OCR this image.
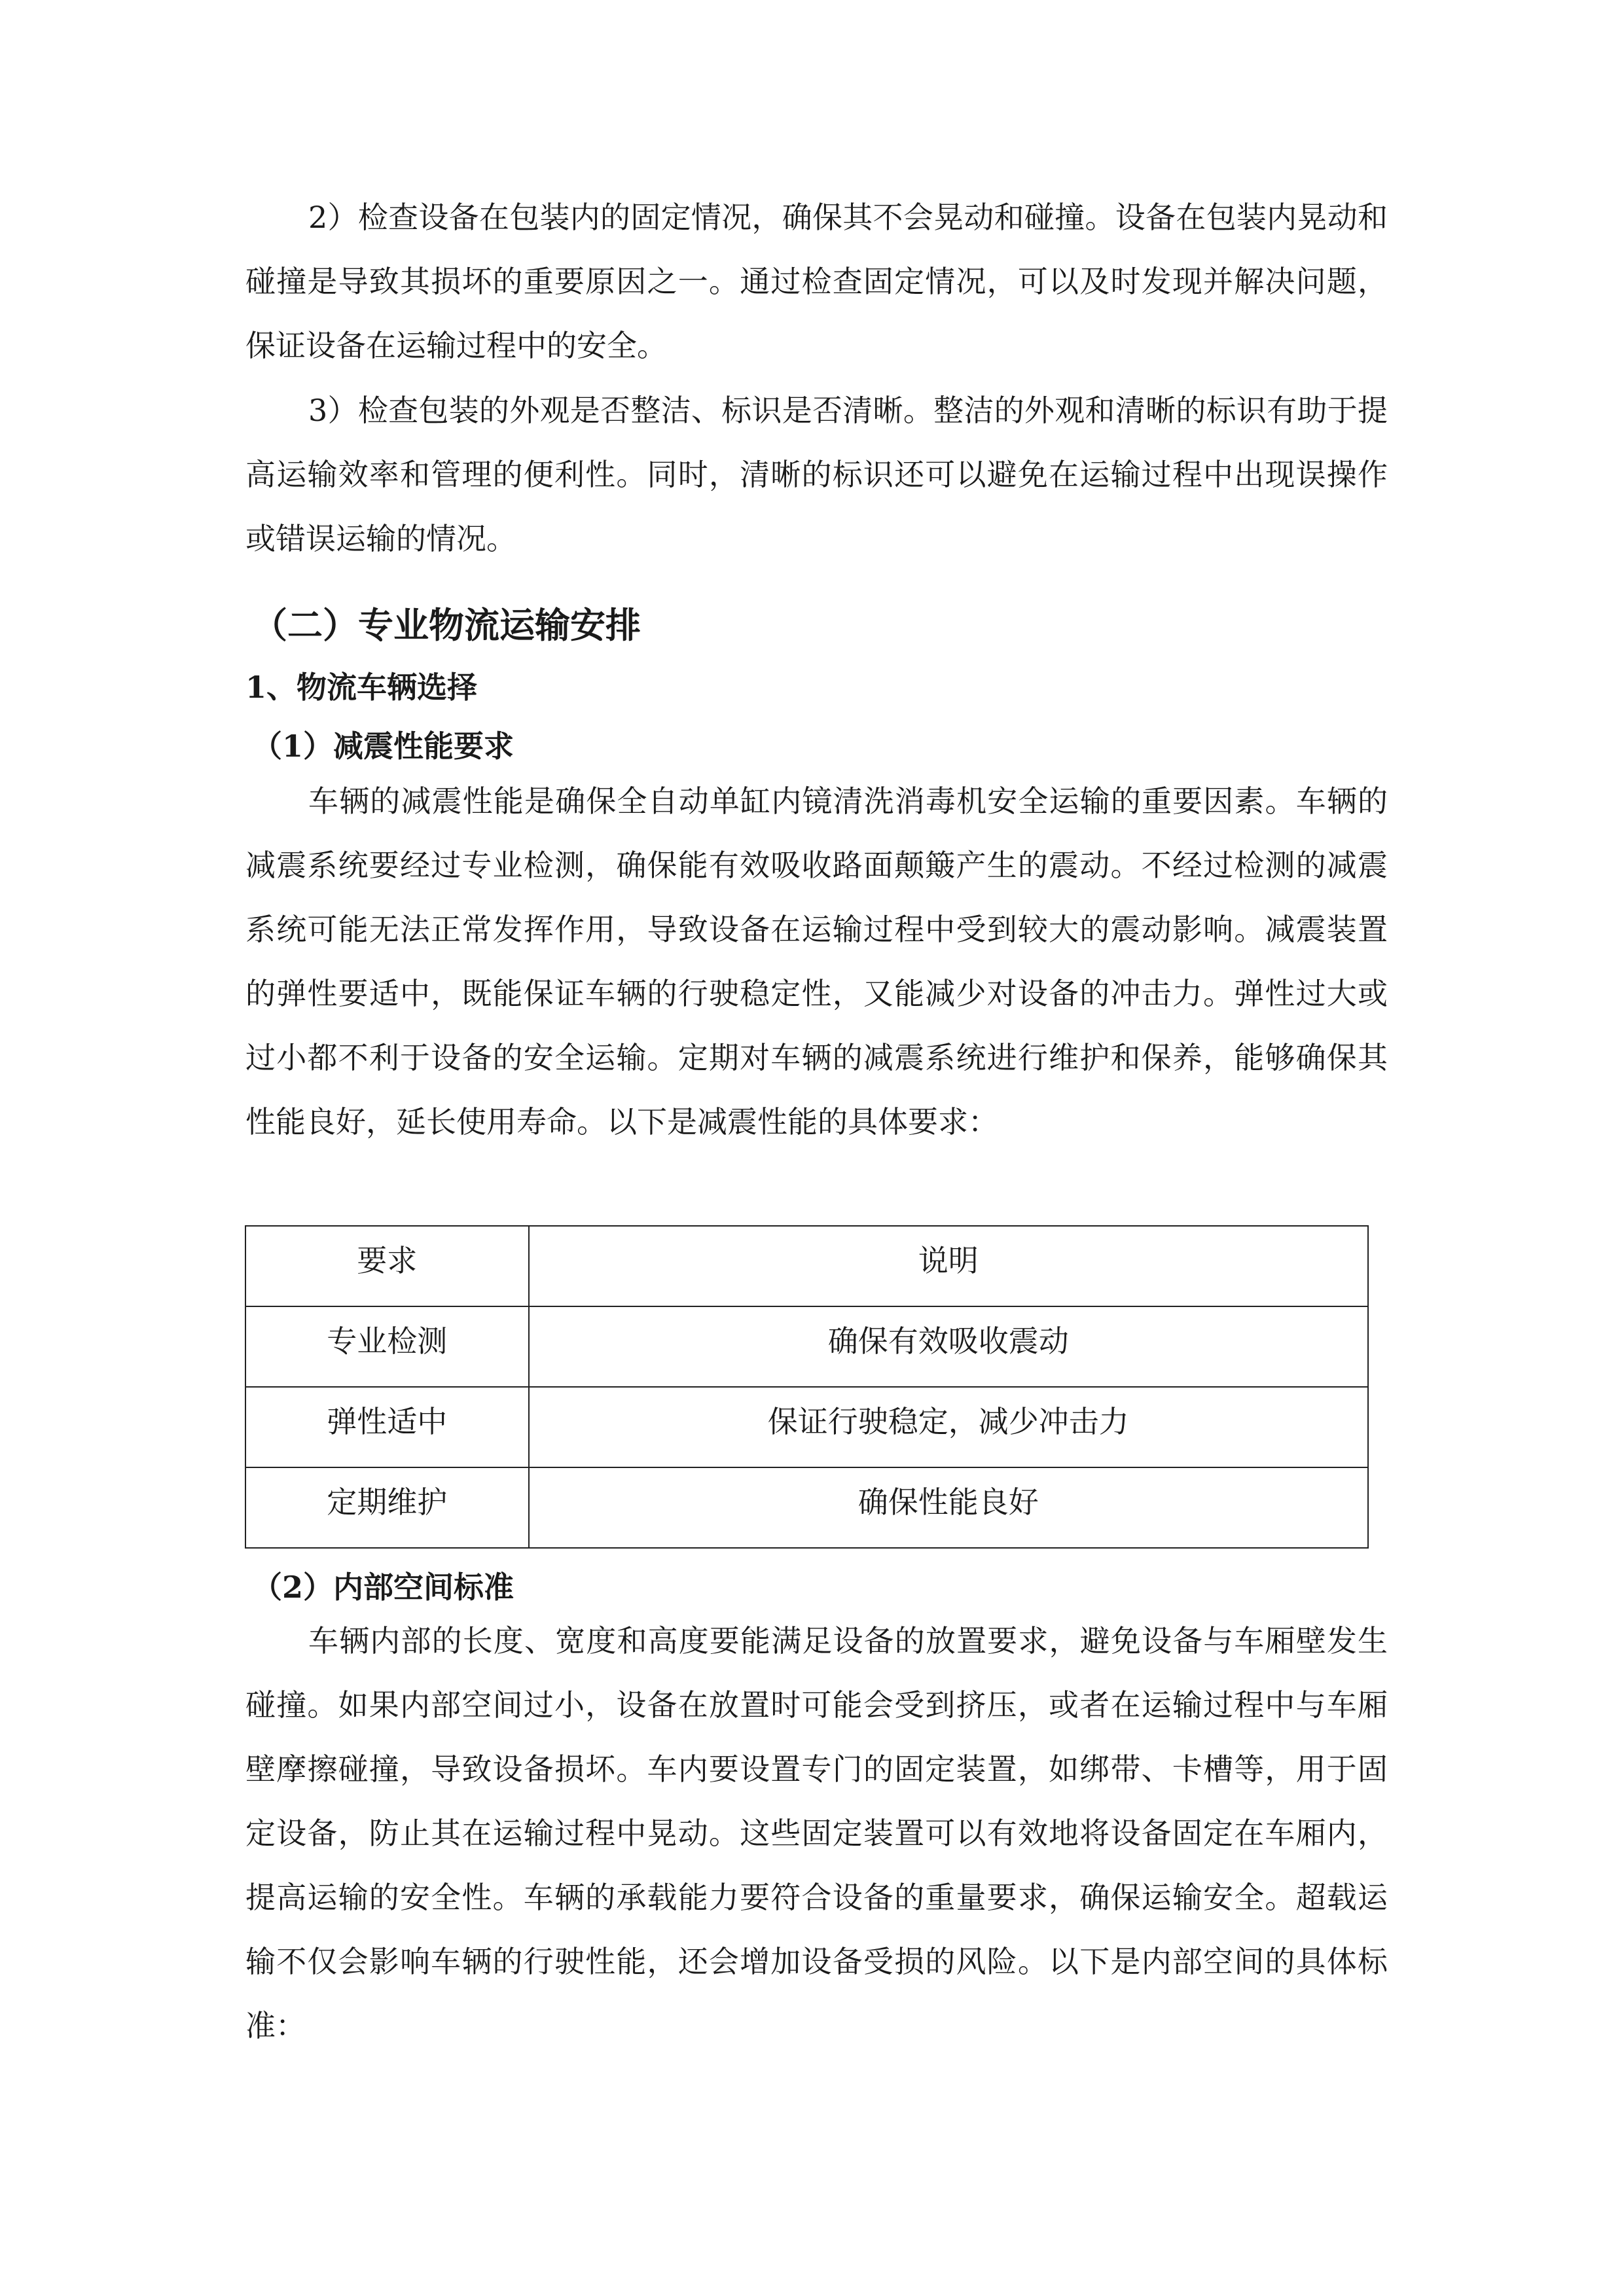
2）检查设备在包装内的固定情况，确保其不会晃动和碰撞。设备在包装内晃动和碰撞是导致其损坏的重要原因之一。通过检查固定情况，可以及时发现并解决问题，保证设备在运输过程中的安全。

3）检查包装的外观是否整洁、标识是否清晰。整洁的外观和清晰的标识有助于提高运输效率和管理的便利性。同时，清晰的标识还可以避免在运输过程中出现误操作或错误运输的情况。

（二）专业物流运输安排
1、物流车辆选择
（1）减震性能要求

车辆的减震性能是确保全自动单缸内镜清洗消毒机安全运输的重要因素。车辆的减震系统要经过专业检测，确保能有效吸收路面颠簸产生的震动。不经过检测的减震系统可能无法正常发挥作用，导致设备在运输过程中受到较大的震动影响。减震装置的弹性要适中，既能保证车辆的行驶稳定性，又能减少对设备的冲击力。弹性过大或过小都不利于设备的安全运输。定期对车辆的减震系统进行维护和保养，能够确保其性能良好，延长使用寿命。以下是减震性能的具体要求：

要求	说明

专业检测	确保有效吸收震动

弹性适中	保证行驶稳定，减少冲击力

定期维护	确保性能良好
（2）内部空间标准

车辆内部的长度、宽度和高度要能满足设备的放置要求，避免设备与车厢壁发生碰撞。如果内部空间过小，设备在放置时可能会受到挤压，或者在运输过程中与车厢壁摩擦碰撞，导致设备损坏。车内要设置专门的固定装置，如绑带、卡槽等，用于固定设备，防止其在运输过程中晃动。这些固定装置可以有效地将设备固定在车厢内，提高运输的安全性。车辆的承载能力要符合设备的重量要求，确保运输安全。超载运输不仅会影响车辆的行驶性能，还会增加设备受损的风险。以下是内部空间的具体标准：
